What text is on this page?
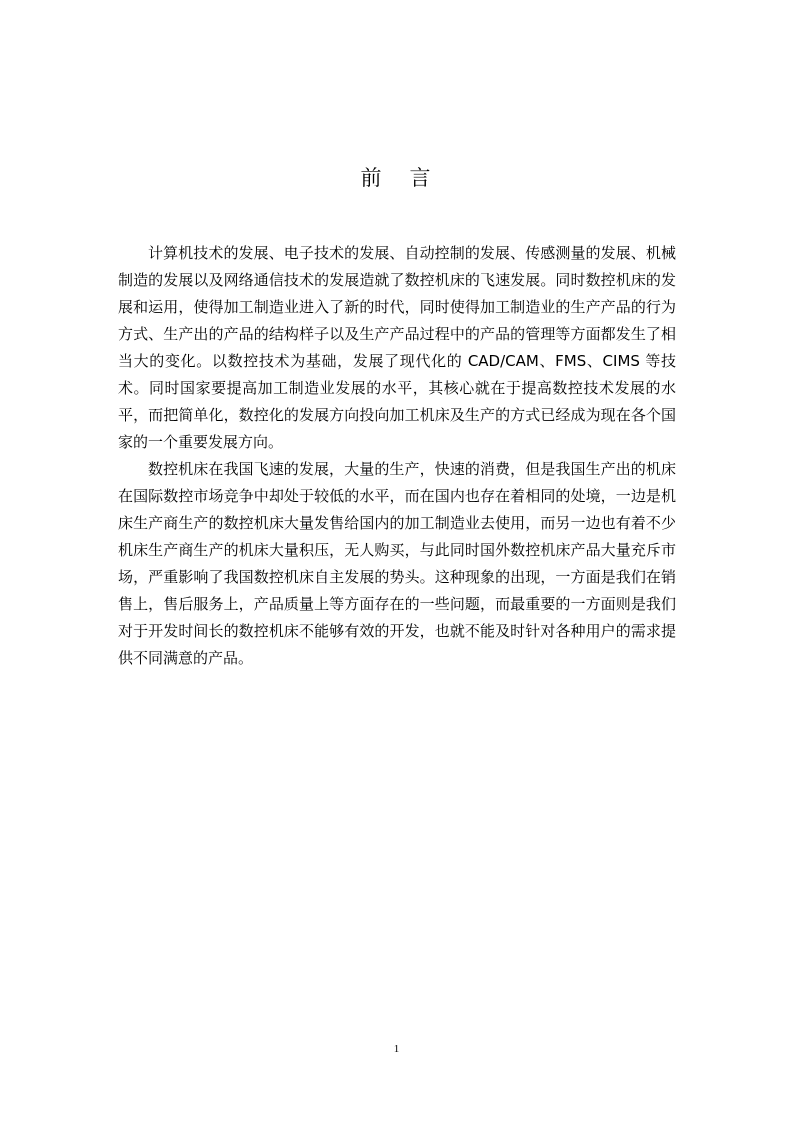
前 言

计算机技术的发展、电子技术的发展、自动控制的发展、传感测量的发展、机械制造的发展以及网络通信技术的发展造就了数控机床的飞速发展。同时数控机床的发展和运用，使得加工制造业进入了新的时代，同时使得加工制造业的生产产品的行为方式、生产出的产品的结构样子以及生产产品过程中的产品的管理等方面都发生了相当大的变化。以数控技术为基础，发展了现代化的 CAD/CAM、FMS、CIMS 等技术。同时国家要提高加工制造业发展的水平，其核心就在于提高数控技术发展的水平，而把简单化，数控化的发展方向投向加工机床及生产的方式已经成为现在各个国家的一个重要发展方向。

数控机床在我国飞速的发展，大量的生产，快速的消费，但是我国生产出的机床在国际数控市场竞争中却处于较低的水平，而在国内也存在着相同的处境，一边是机床生产商生产的数控机床大量发售给国内的加工制造业去使用，而另一边也有着不少机床生产商生产的机床大量积压，无人购买，与此同时国外数控机床产品大量充斥市场，严重影响了我国数控机床自主发展的势头。这种现象的出现，一方面是我们在销售上，售后服务上，产品质量上等方面存在的一些问题，而最重要的一方面则是我们对于开发时间长的数控机床不能够有效的开发，也就不能及时针对各种用户的需求提供不同满意的产品。

1
